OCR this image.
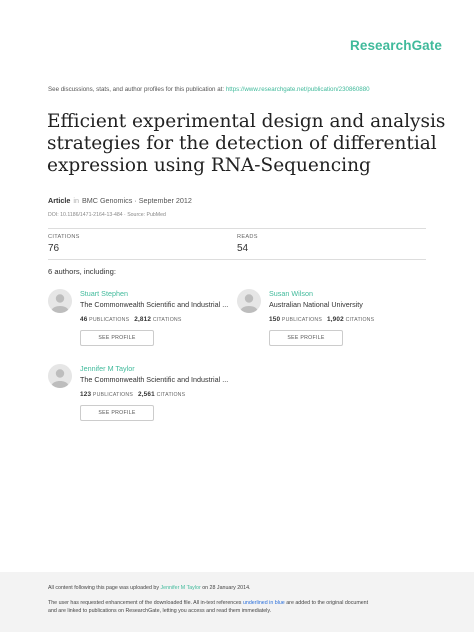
ResearchGate
See discussions, stats, and author profiles for this publication at: https://www.researchgate.net/publication/230860880
Efficient experimental design and analysis
strategies for the detection of differential
expression using RNA-Sequencing
Article in BMC Genomics · September 2012
DOI: 10.1186/1471-2164-13-484 · Source: PubMed
CITATIONS
76
READS
54
6 authors, including:
Stuart Stephen
The Commonwealth Scientific and Industrial ...
46 PUBLICATIONS 2,812 CITATIONS
SEE PROFILE
Susan Wilson
Australian National University
150 PUBLICATIONS 1,902 CITATIONS
SEE PROFILE
Jennifer M Taylor
The Commonwealth Scientific and Industrial ...
123 PUBLICATIONS 2,561 CITATIONS
SEE PROFILE
All content following this page was uploaded by Jennifer M Taylor on 28 January 2014.
The user has requested enhancement of the downloaded file. All in-text references underlined in blue are added to the original document
and are linked to publications on ResearchGate, letting you access and read them immediately.
